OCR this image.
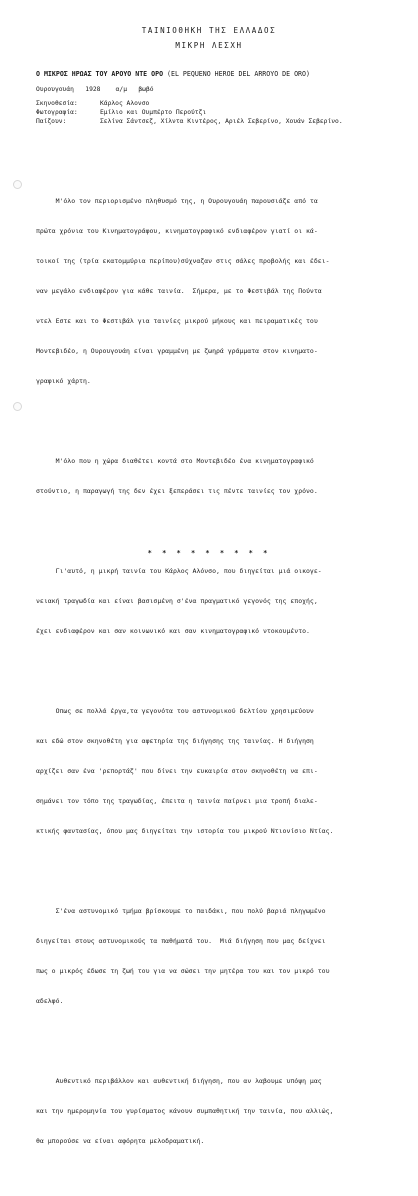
ΤΑΙΝΙΟΘΗΚΗ ΤΗΣ ΕΛΛΑΔΟΣ
ΜΙΚΡΗ ΛΕΣΧΗ
Ο ΜΙΚΡΟΣ ΗΡΩΑΣ ΤΟΥ ΑΡΟΥΟ ΝΤΕ ΟΡΟ (EL PEQUENO HEROE DEL ARROYO DE ORO)
Ουρουγουάη 1928 α/μ βωβό
Σκηνοθεσία:	Κάρλος Αλονσο
Φωτογραφία:	Εμίλιο και Ουμπέρτο Περούτζι
Παίζουν:	Σελίνα Σάντσεζ, Χίλντα Κιντέρος, Αριέλ Σεβερίνο, Χουάν Σεβερίνο.

Μ'όλο τον περιορισμένο πληθυσμό της, η Ουρουγουάη παρουσιάζε από τα

πρώτα χρόνια του Κινηματογράφου, κινηματογραφικό ενδιαφέρον γιατί οι κά-

τοικοί της (τρία εκατομμύρια περίπου)σύχναζαν στις σάλες προβολής και έδει-

ναν μεγάλο ενδιαφέρον για κάθε ταινία.  Σήμερα, με το Φεστιβάλ της Πούντα

ντελ Εστε και το Φεστιβάλ για ταινίες μικρού μήκους και πειραματικές του

Μοντεβιδέο, η Ουρουγουάη είναι γραμμένη με ζωηρά γράμματα στον κινηματο-

γραφικό χάρτη.

Μ'όλο που η χώρα διαθέτει κοντά στο Μοντεβιδέο ένα κινηματογραφικό

στούντιο, η παραγωγή της δεν έχει ξεπεράσει τις πέντε ταινίες τον χρόνο.

Γι'αυτό, η μικρή ταινία του Κάρλος Αλόνσο, που διηγείται μιά οικογε-

νειακή τραγωδία και είναι βασισμένη σ'ένα πραγματικό γεγονός της εποχής,

έχει ενδιαφέρον και σαν κοινωνικό και σαν κινηματογραφικό ντοκουμέντο.

Οπως σε πολλά έργα,τα γεγονότα του αστυνομικού δελτίου χρησιμεύουν

και εδώ στον σκηνοθέτη για αφετηρία της διήγησης της ταινίας. Η διήγηση

αρχίζει σαν ένα 'ρεπορτάζ' που δίνει την ευκαιρία στον σκηνοθέτη να επι-

σημάνει τον τόπο της τραγωδίας, έπειτα η ταινία παίρνει μια τροπή διαλε-

κτικής φαντασίας, όπου μας διηγείται την ιστορία του μικρού Ντιονίσιο Ντίας.

Σ'ένα αστυνομικό τμήμα βρίσκουμε το παιδάκι, που πολύ βαριά πληγωμένο

διηγείται στους αστυνομικούς τα παθήματά του.  Μιά διήγηση που μας δείχνει

πως ο μικρός έδωσε τη ζωή του για να σώσει την μητέρα του και τον μικρό του

αδελφό.

Αυθεντικό περιβάλλον και αυθεντική διήγηση, που αν λαβουμε υπόψη μας

και την ημερομηνία του γυρίσματος κάνουν συμπαθητική την ταινία, που αλλιώς,

θα μπορούσε να είναι αφόρητα μελοδραματική.

* * * * * * * * *
